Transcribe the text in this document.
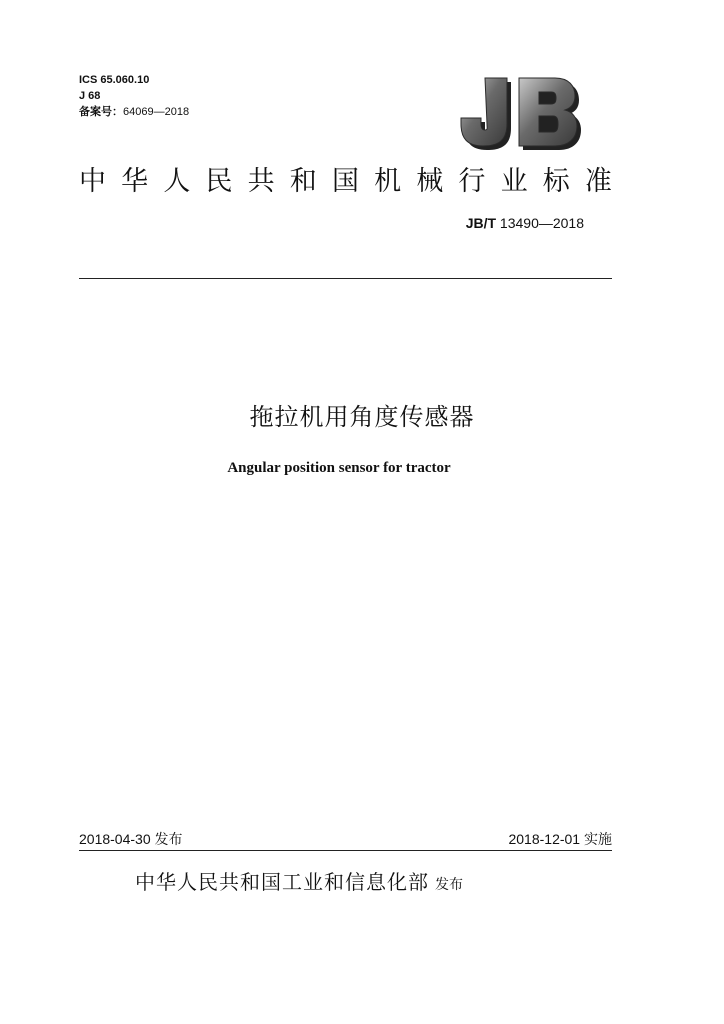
ICS 65.060.10
J 68
备案号：64069—2018
中 华 人 民 共 和 国 机 械 行 业 标 准
JB/T 13490—2018
拖拉机用角度传感器
Angular position sensor for tractor
2018-04-30 发布	2018-12-01 实施
中华人民共和国工业和信息化部 发布
